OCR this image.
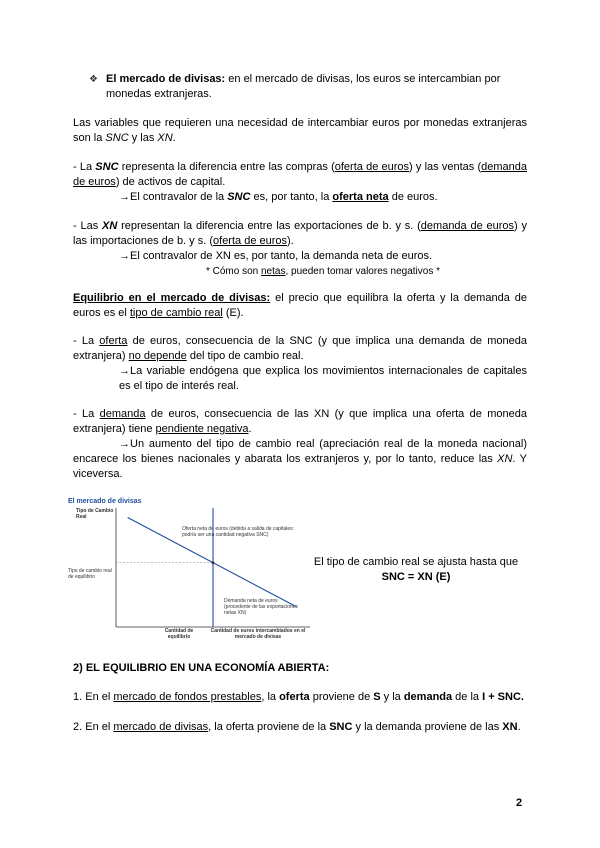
❖ El mercado de divisas: en el mercado de divisas, los euros se intercambian por
monedas extranjeras.
Las variables que requieren una necesidad de intercambiar euros por monedas extranjeras son la SNC y las XN.
- La SNC representa la diferencia entre las compras (oferta de euros) y las ventas (demanda de euros) de activos de capital.
→El contravalor de la SNC es, por tanto, la oferta neta de euros.
- Las XN representan la diferencia entre las exportaciones de b. y s. (demanda de euros) y las importaciones de b. y s. (oferta de euros).
→El contravalor de XN es, por tanto, la demanda neta de euros.
* Cómo son netas, pueden tomar valores negativos *
Equilibrio en el mercado de divisas: el precio que equilibra la oferta y la demanda de euros es el tipo de cambio real (E).
- La oferta de euros, consecuencia de la SNC (y que implica una demanda de moneda extranjera) no depende del tipo de cambio real.
→La variable endógena que explica los movimientos internacionales de capitales es el tipo de interés real.
- La demanda de euros, consecuencia de las XN (y que implica una oferta de moneda extranjera) tiene pendiente negativa.
→Un aumento del tipo de cambio real (apreciación real de la moneda nacional) encarece los bienes nacionales y abarata los extranjeros y, por lo tanto, reduce las XN. Y viceversa.
El mercado de divisas
Tipo de Cambio Real
Tipo de cambio real de equilibrio
Cantidad de equilibrio
Cantidad de euros intercambiados en el mercado de divisas
Oferta neta de euros (debida a salida de capitales: podría ser una cantidad negativa SNC)
Demanda neta de euros (procedente de las exportaciones netas XN)
El tipo de cambio real se ajusta hasta que
SNC = XN (E)
2) EL EQUILIBRIO EN UNA ECONOMÍA ABIERTA:
1. En el mercado de fondos prestables, la oferta proviene de S y la demanda de la I + SNC.
2. En el mercado de divisas, la oferta proviene de la SNC y la demanda proviene de las XN.
2
